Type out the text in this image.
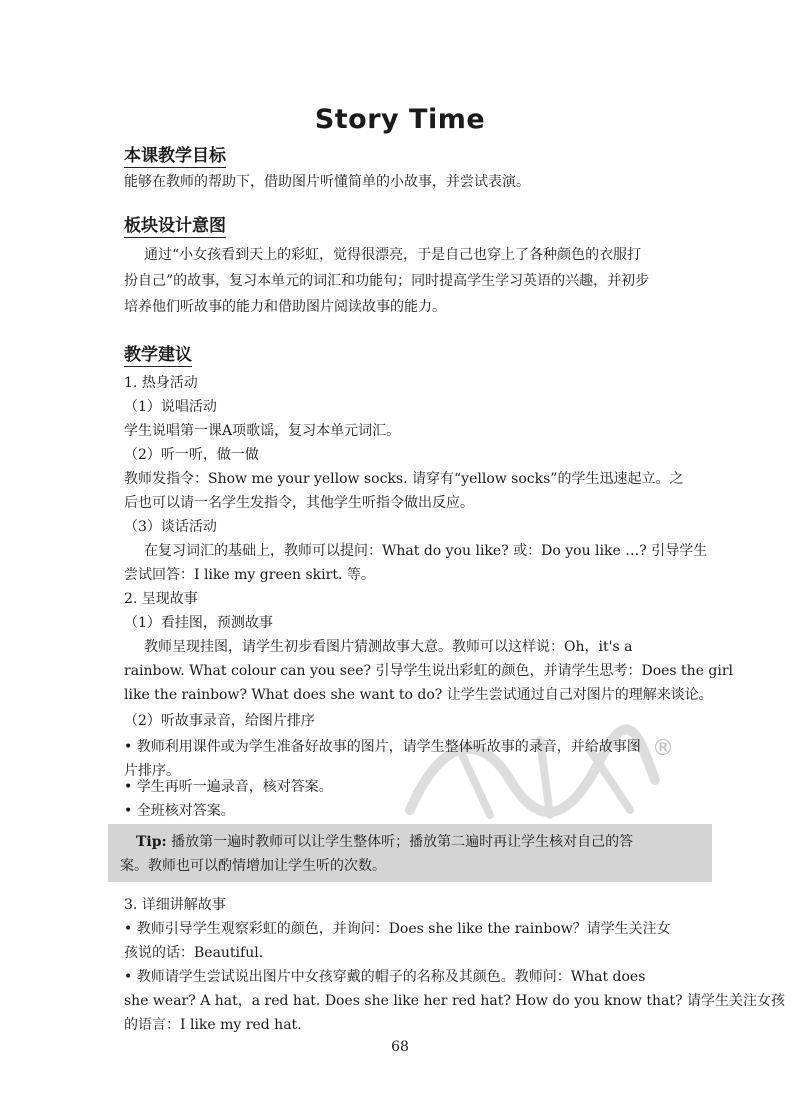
Story Time
本课教学目标
能够在教师的帮助下，借助图片听懂简单的小故事，并尝试表演。
板块设计意图
通过“小女孩看到天上的彩虹，觉得很漂亮，于是自己也穿上了各种颜色的衣服打
扮自己”的故事，复习本单元的词汇和功能句；同时提高学生学习英语的兴趣，并初步
培养他们听故事的能力和借助图片阅读故事的能力。
教学建议
1. 热身活动
（1）说唱活动
学生说唱第一课A项歌谣，复习本单元词汇。
（2）听一听，做一做
教师发指令：Show me your yellow socks. 请穿有“yellow socks”的学生迅速起立。之
后也可以请一名学生发指令，其他学生听指令做出反应。
（3）谈话活动
在复习词汇的基础上，教师可以提问：What do you like? 或：Do you like …? 引导学生
尝试回答：I like my green skirt. 等。
2. 呈现故事
（1）看挂图，预测故事
教师呈现挂图，请学生初步看图片猜测故事大意。教师可以这样说：Oh，it's a
rainbow. What colour can you see? 引导学生说出彩虹的颜色，并请学生思考：Does the girl
like the rainbow? What does she want to do? 让学生尝试通过自己对图片的理解来谈论。
（2）听故事录音，给图片排序
• 教师利用课件或为学生准备好故事的图片，请学生整体听故事的录音，并给故事图
片排序。
• 学生再听一遍录音，核对答案。
• 全班核对答案。
®
Tip: 播放第一遍时教师可以让学生整体听；播放第二遍时再让学生核对自己的答
案。教师也可以酌情增加让学生听的次数。
3. 详细讲解故事
• 教师引导学生观察彩虹的颜色，并询问：Does she like the rainbow？请学生关注女
孩说的话：Beautiful.
• 教师请学生尝试说出图片中女孩穿戴的帽子的名称及其颜色。教师问：What does
she wear? A hat，a red hat. Does she like her red hat? How do you know that? 请学生关注女孩
的语言：I like my red hat.
68
